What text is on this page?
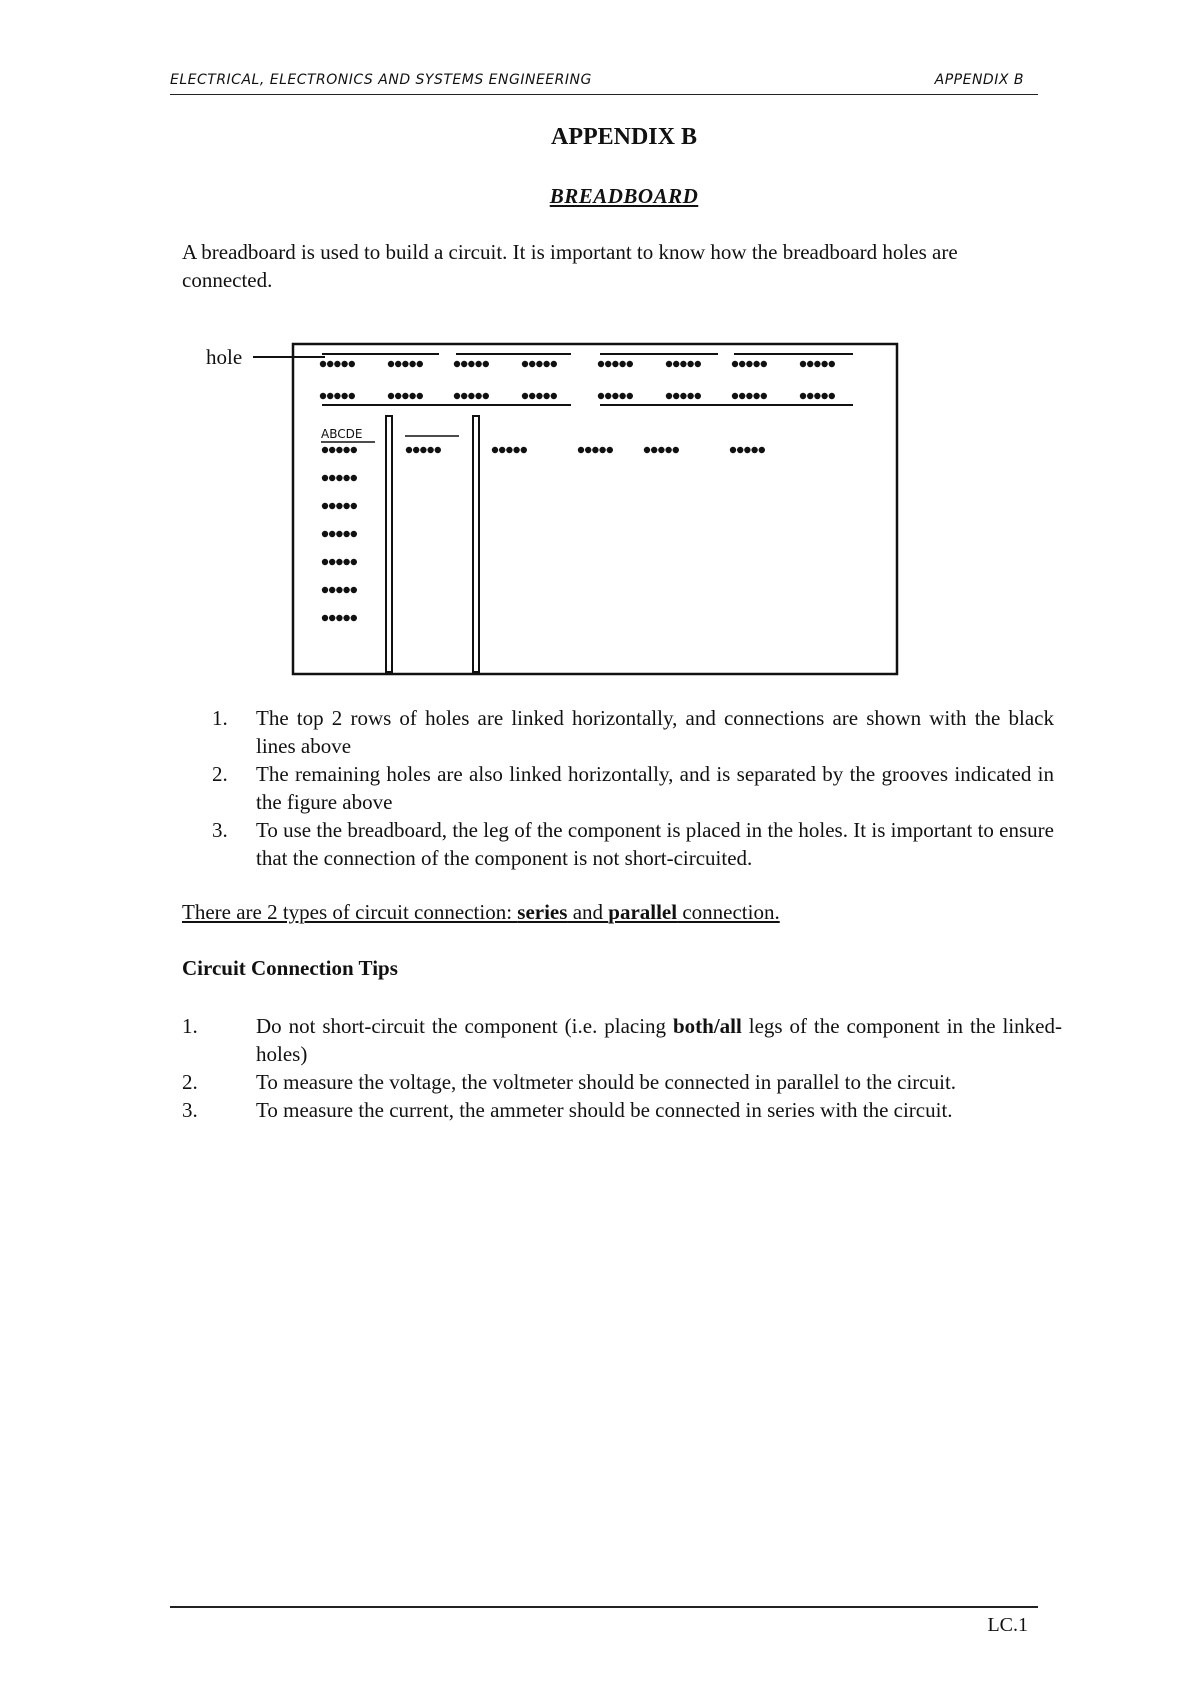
ELECTRICAL, ELECTRONICS AND SYSTEMS ENGINEERING	APPENDIX B
APPENDIX B
BREADBOARD

A breadboard is used to build a circuit. It is important to know how the breadboard holes are connected.

hole
ABCDE
1. The top 2 rows of holes are linked horizontally, and connections are shown with the black lines above
2. The remaining holes are also linked horizontally, and is separated by the grooves indicated in the figure above
3. To use the breadboard, the leg of the component is placed in the holes. It is important to ensure that the connection of the component is not short-circuited.

There are 2 types of circuit connection: series and parallel connection.

Circuit Connection Tips

1.	Do not short-circuit the component (i.e. placing both/all legs of the component in the linked-holes)
2.	To measure the voltage, the voltmeter should be connected in parallel to the circuit.
3.	To measure the current, the ammeter should be connected in series with the circuit.
LC.1
